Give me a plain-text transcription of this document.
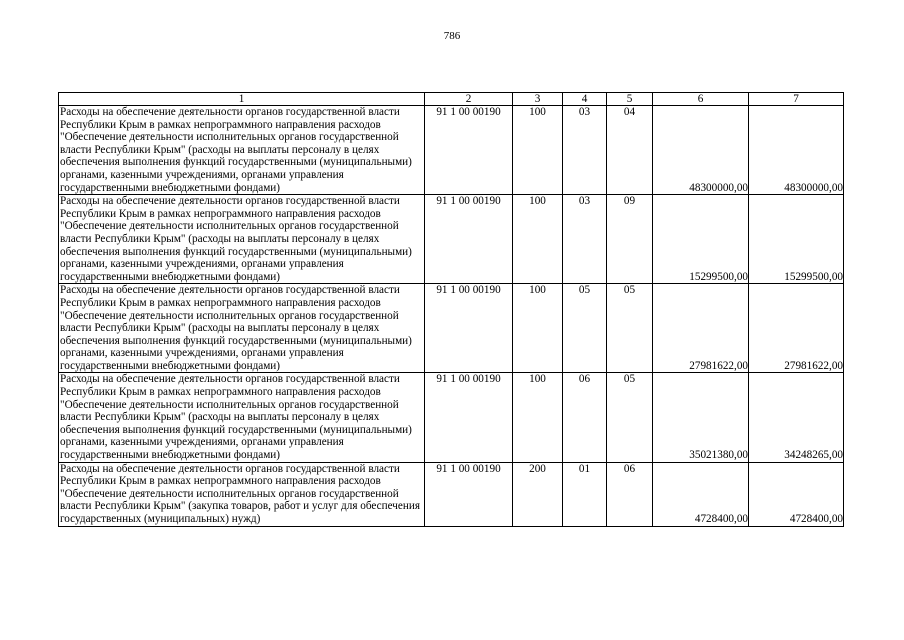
786
1	2	3	4	5	6	7
Расходы на обеспечение деятельности органов государственной власти Республики Крым в рамках непрограммного направления расходов "Обеспечение деятельности исполнительных органов государственной власти Республики Крым" (расходы на выплаты персоналу в целях обеспечения выполнения функций государственными (муниципальными) органами, казенными учреждениями, органами управления государственными внебюджетными фондами)	91 1 00 00190	100	03	04	48300000,00	48300000,00
Расходы на обеспечение деятельности органов государственной власти Республики Крым в рамках непрограммного направления расходов "Обеспечение деятельности исполнительных органов государственной власти Республики Крым" (расходы на выплаты персоналу в целях обеспечения выполнения функций государственными (муниципальными) органами, казенными учреждениями, органами управления государственными внебюджетными фондами)	91 1 00 00190	100	03	09	15299500,00	15299500,00
Расходы на обеспечение деятельности органов государственной власти Республики Крым в рамках непрограммного направления расходов "Обеспечение деятельности исполнительных органов государственной власти Республики Крым" (расходы на выплаты персоналу в целях обеспечения выполнения функций государственными (муниципальными) органами, казенными учреждениями, органами управления государственными внебюджетными фондами)	91 1 00 00190	100	05	05	27981622,00	27981622,00
Расходы на обеспечение деятельности органов государственной власти Республики Крым в рамках непрограммного направления расходов "Обеспечение деятельности исполнительных органов государственной власти Республики Крым" (расходы на выплаты персоналу в целях обеспечения выполнения функций государственными (муниципальными) органами, казенными учреждениями, органами управления государственными внебюджетными фондами)	91 1 00 00190	100	06	05	35021380,00	34248265,00
Расходы на обеспечение деятельности органов государственной власти Республики Крым в рамках непрограммного направления расходов "Обеспечение деятельности исполнительных органов государственной власти Республики Крым" (закупка товаров, работ и услуг для обеспечения государственных (муниципальных) нужд)	91 1 00 00190	200	01	06	4728400,00	4728400,00
